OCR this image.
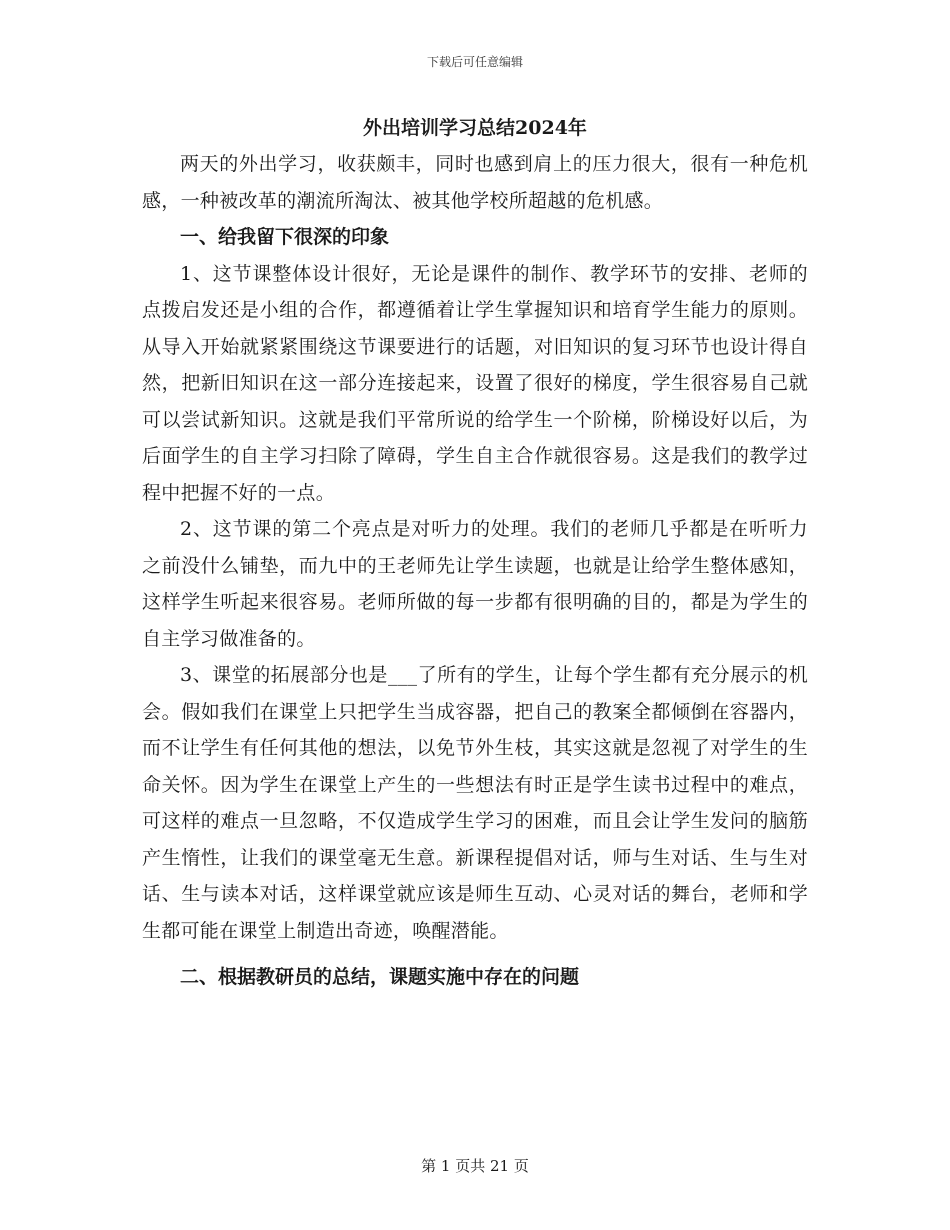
下载后可任意编辑
外出培训学习总结2024年

两天的外出学习，收获颇丰，同时也感到肩上的压力很大，很有一种危机感，一种被改革的潮流所淘汰、被其他学校所超越的危机感。

一、给我留下很深的印象

1、这节课整体设计很好，无论是课件的制作、教学环节的安排、老师的点拨启发还是小组的合作，都遵循着让学生掌握知识和培育学生能力的原则。从导入开始就紧紧围绕这节课要进行的话题，对旧知识的复习环节也设计得自然，把新旧知识在这一部分连接起来，设置了很好的梯度，学生很容易自己就可以尝试新知识。这就是我们平常所说的给学生一个阶梯，阶梯设好以后，为后面学生的自主学习扫除了障碍，学生自主合作就很容易。这是我们的教学过程中把握不好的一点。

2、这节课的第二个亮点是对听力的处理。我们的老师几乎都是在听听力之前没什么铺垫，而九中的王老师先让学生读题，也就是让给学生整体感知，这样学生听起来很容易。老师所做的每一步都有很明确的目的，都是为学生的自主学习做准备的。

3、课堂的拓展部分也是___了所有的学生，让每个学生都有充分展示的机会。假如我们在课堂上只把学生当成容器，把自己的教案全都倾倒在容器内，而不让学生有任何其他的想法，以免节外生枝，其实这就是忽视了对学生的生命关怀。因为学生在课堂上产生的一些想法有时正是学生读书过程中的难点，可这样的难点一旦忽略，不仅造成学生学习的困难，而且会让学生发问的脑筋产生惰性，让我们的课堂毫无生意。新课程提倡对话，师与生对话、生与生对话、生与读本对话，这样课堂就应该是师生互动、心灵对话的舞台，老师和学生都可能在课堂上制造出奇迹，唤醒潜能。

二、根据教研员的总结，课题实施中存在的问题
第 1 页共 21 页
